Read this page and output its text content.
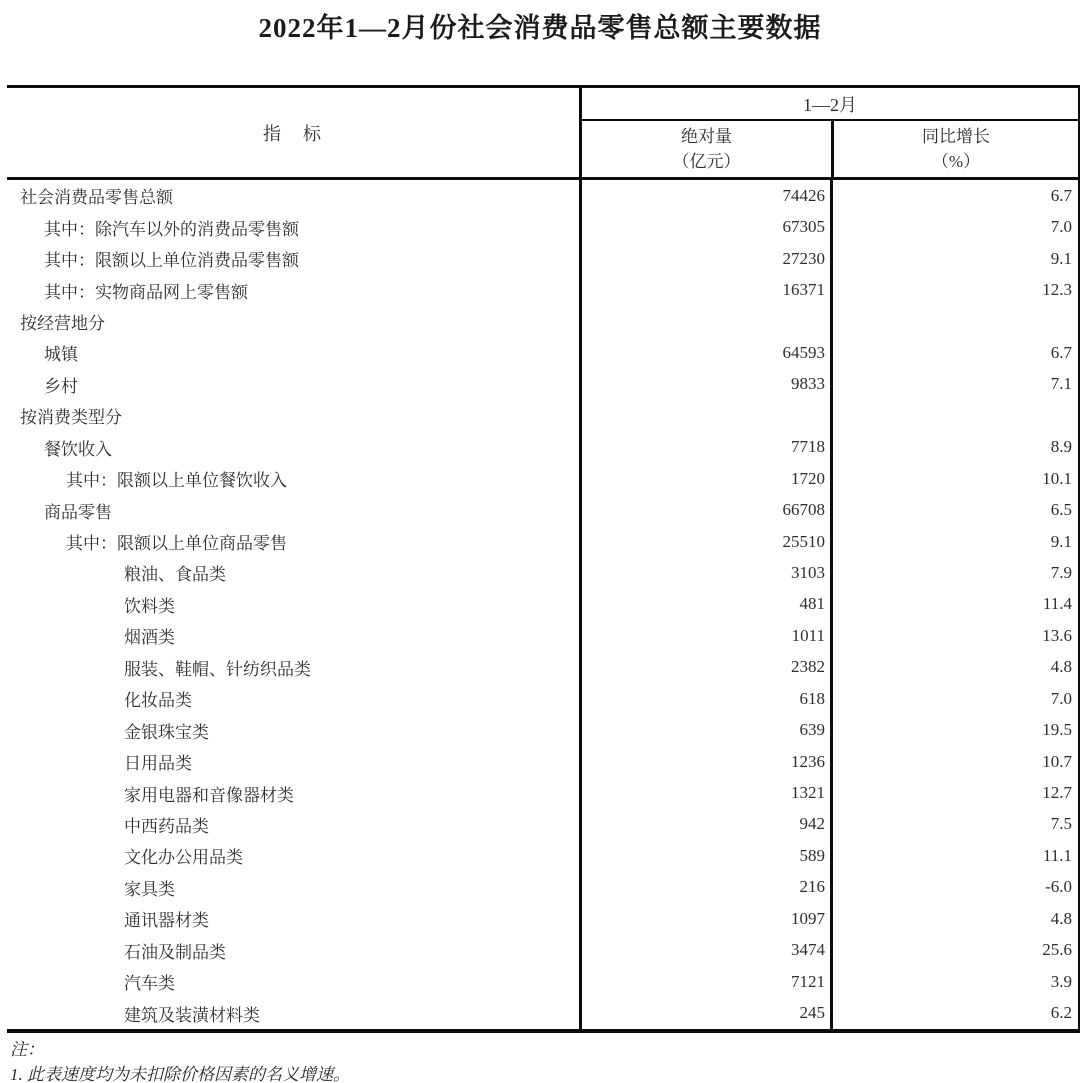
2022年1—2月份社会消费品零售总额主要数据
指　标
1—2月
绝对量
（亿元）
同比增长
（%）
社会消费品零售总额	74426	6.7
其中：除汽车以外的消费品零售额	67305	7.0
其中：限额以上单位消费品零售额	27230	9.1
其中：实物商品网上零售额	16371	12.3
按经营地分
城镇	64593	6.7
乡村	9833	7.1
按消费类型分
餐饮收入	7718	8.9
其中：限额以上单位餐饮收入	1720	10.1
商品零售	66708	6.5
其中：限额以上单位商品零售	25510	9.1
粮油、食品类	3103	7.9
饮料类	481	11.4
烟酒类	1011	13.6
服装、鞋帽、针纺织品类	2382	4.8
化妆品类	618	7.0
金银珠宝类	639	19.5
日用品类	1236	10.7
家用电器和音像器材类	1321	12.7
中西药品类	942	7.5
文化办公用品类	589	11.1
家具类	216	-6.0
通讯器材类	1097	4.8
石油及制品类	3474	25.6
汽车类	7121	3.9
建筑及装潢材料类	245	6.2
注：
1. 此表速度均为未扣除价格因素的名义增速。
